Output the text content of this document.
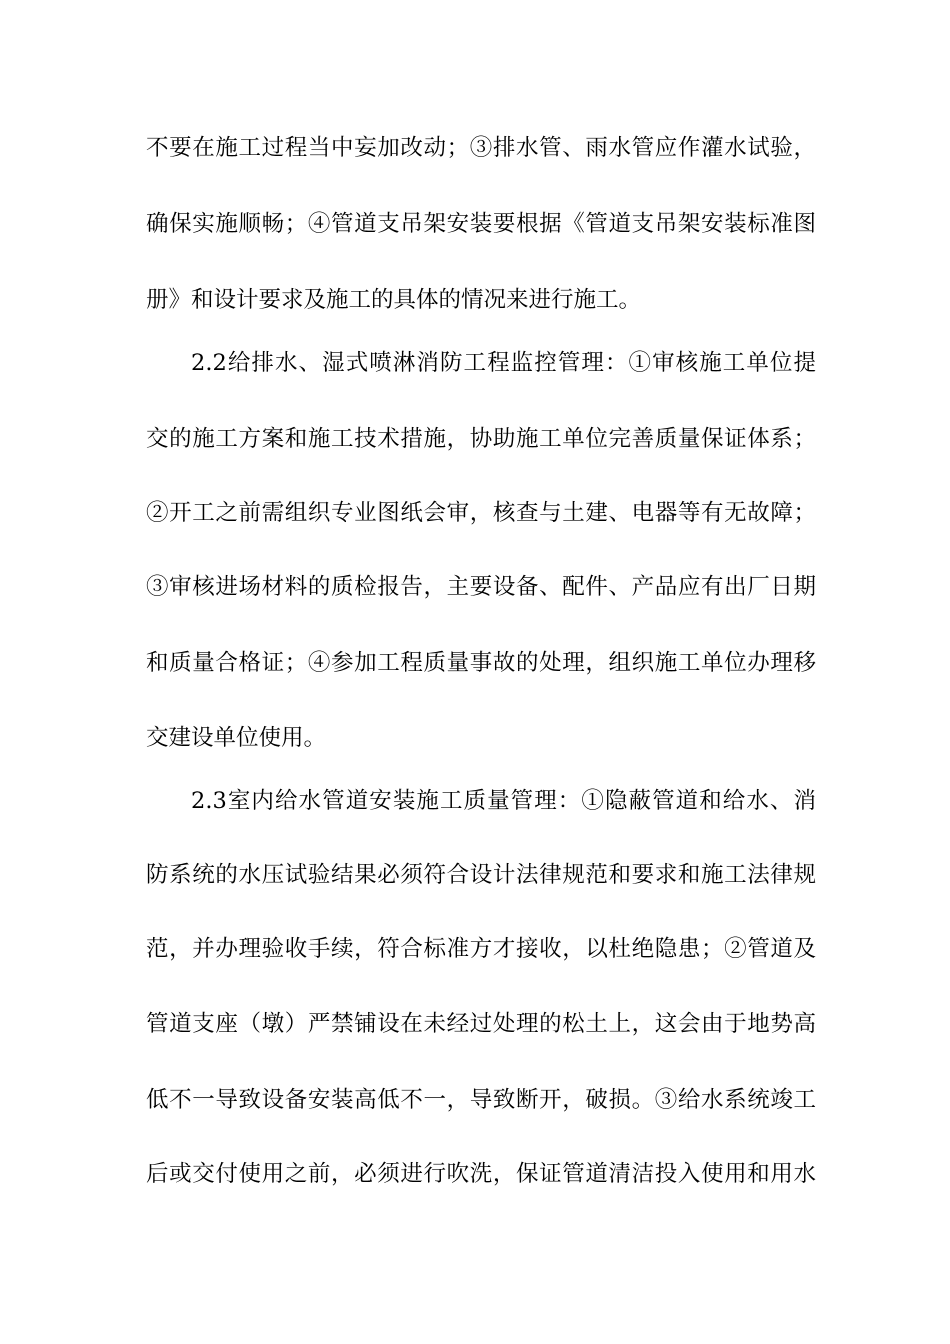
不要在施工过程当中妄加改动；③排水管、雨水管应作灌水试验，
确保实施顺畅；④管道支吊架安装要根据《管道支吊架安装标准图
册》和设计要求及施工的具体的情况来进行施工。
2.2给排水、湿式喷淋消防工程监控管理：①审核施工单位提
交的施工方案和施工技术措施，协助施工单位完善质量保证体系；
②开工之前需组织专业图纸会审，核查与土建、电器等有无故障；
③审核进场材料的质检报告，主要设备、配件、产品应有出厂日期
和质量合格证；④参加工程质量事故的处理，组织施工单位办理移
交建设单位使用。
2.3室内给水管道安装施工质量管理：①隐蔽管道和给水、消
防系统的水压试验结果必须符合设计法律规范和要求和施工法律规
范，并办理验收手续，符合标准方才接收，以杜绝隐患；②管道及
管道支座（墩）严禁铺设在未经过处理的松土上，这会由于地势高
低不一导致设备安装高低不一，导致断开，破损。③给水系统竣工
后或交付使用之前，必须进行吹洗，保证管道清洁投入使用和用水
